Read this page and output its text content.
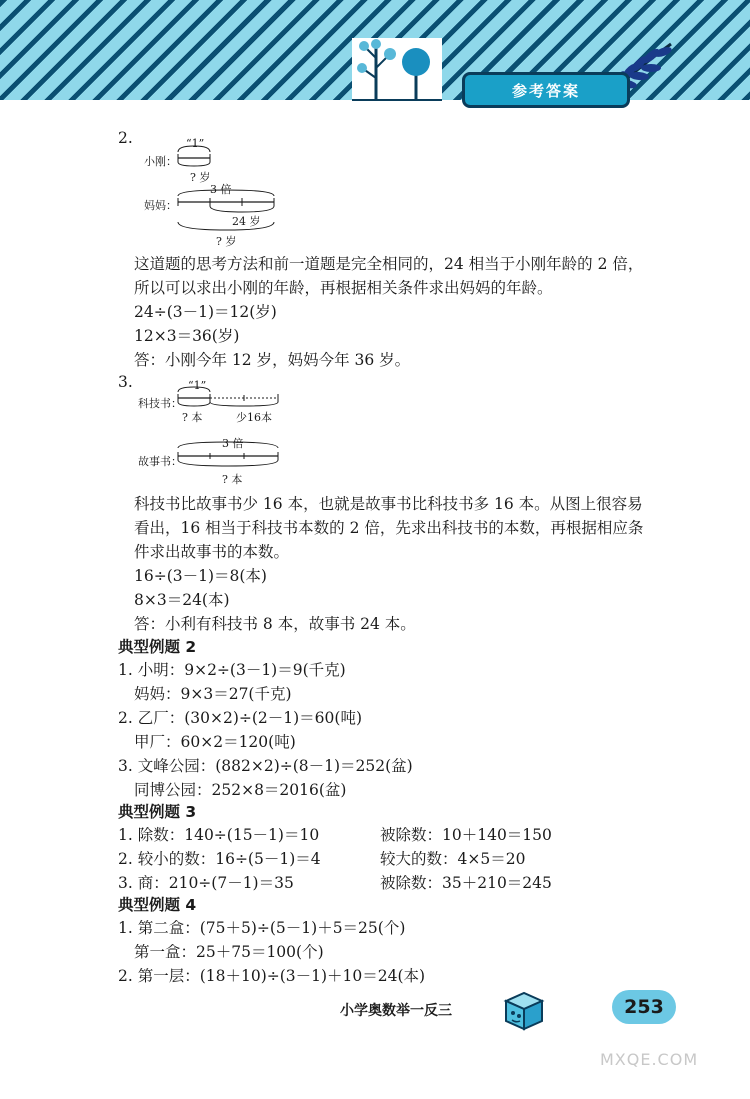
参考答案
2.	“1”
小刚：
? 岁
3 倍
妈妈：
24 岁
? 岁
这道题的思考方法和前一道题是完全相同的，24 相当于小刚年龄的 2 倍，
所以可以求出小刚的年龄，再根据相关条件求出妈妈的年龄。
24÷(3－1)＝12(岁)
12×3＝36(岁)
答：小刚今年 12 岁，妈妈今年 36 岁。
3.	“1”
科技书：
? 本	少16本
3 倍
故事书：
? 本
科技书比故事书少 16 本，也就是故事书比科技书多 16 本。从图上很容易
看出，16 相当于科技书本数的 2 倍，先求出科技书的本数，再根据相应条
件求出故事书的本数。
16÷(3－1)＝8(本)
8×3＝24(本)
答：小利有科技书 8 本，故事书 24 本。
典型例题 2
1. 小明：9×2÷(3－1)＝9(千克)
妈妈：9×3＝27(千克)
2. 乙厂：(30×2)÷(2－1)＝60(吨)
甲厂：60×2＝120(吨)
3. 文峰公园：(882×2)÷(8－1)＝252(盆)
同博公园：252×8＝2016(盆)
典型例题 3
1. 除数：140÷(15－1)＝10	被除数：10＋140＝150
2. 较小的数：16÷(5－1)＝4	较大的数：4×5＝20
3. 商：210÷(7－1)＝35	被除数：35＋210＝245
典型例题 4
1. 第二盒：(75＋5)÷(5－1)＋5＝25(个)
第一盒：25＋75＝100(个)
2. 第一层：(18＋10)÷(3－1)＋10＝24(本)
小学奥数举一反三	253
MXQE.COM
